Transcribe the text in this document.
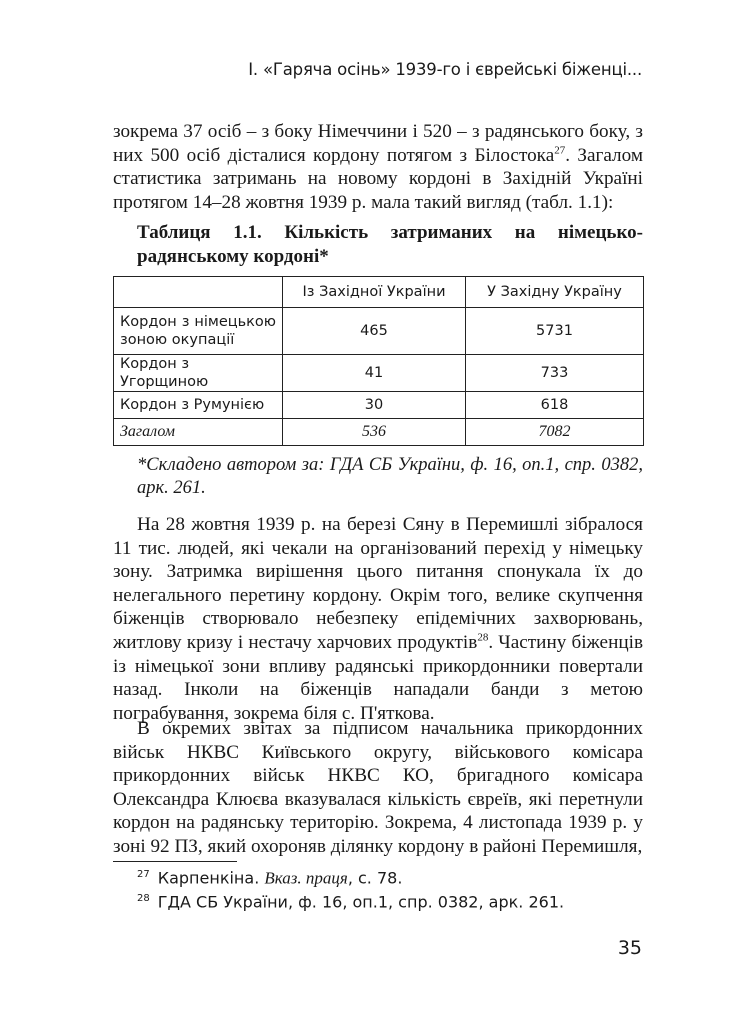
І. «Гаряча осінь» 1939-го і єврейські біженці...
зокрема 37 осіб – з боку Німеччини і 520 – з радянського боку, з них 500 осіб дісталися кордону потягом з Білостока$^{27}$. Загалом статистика затримань на новому кордоні в Західній Україні протягом 14–28 жовтня 1939 р. мала такий вигляд (табл. 1.1):
Таблиця 1.1. Кількість затриманих на німецько-радянському кордоні*
	Із Західної України	У Західну Україну
Кордон з німецькою зоною окупації	465	5731
Кордон з Угорщиною	41	733
Кордон з Румунією	30	618
Загалом	536	7082
*Складено автором за: ГДА СБ України, ф. 16, оп.1, спр. 0382, арк. 261.
На 28 жовтня 1939 р. на березі Сяну в Перемишлі зібралося 11 тис. людей, які чекали на організований перехід у німецьку зону. Затримка вирішення цього питання спонукала їх до нелегального перетину кордону. Окрім того, велике скупчення біженців створювало небезпеку епідемічних захворювань, житлову кризу і нестачу харчових продуктів$^{28}$. Частину біженців із німецької зони впливу радянські прикордонники повертали назад. Інколи на біженців нападали банди з метою пограбування, зокрема біля с. П'яткова.
В окремих звітах за підписом начальника прикордонних військ НКВС Київського округу, військового комісара прикордонних військ НКВС КО, бригадного комісара Олександра Клюєва вказувалася кількість євреїв, які перетнули кордон на радянську територію. Зокрема, 4 листопада 1939 р. у зоні 92 ПЗ, який охороняв ділянку кордону в районі Перемишля,
$^{27}$ Карпенкіна. Вказ. праця, с. 78.
$^{28}$ ГДА СБ України, ф. 16, оп.1, спр. 0382, арк. 261.
35
